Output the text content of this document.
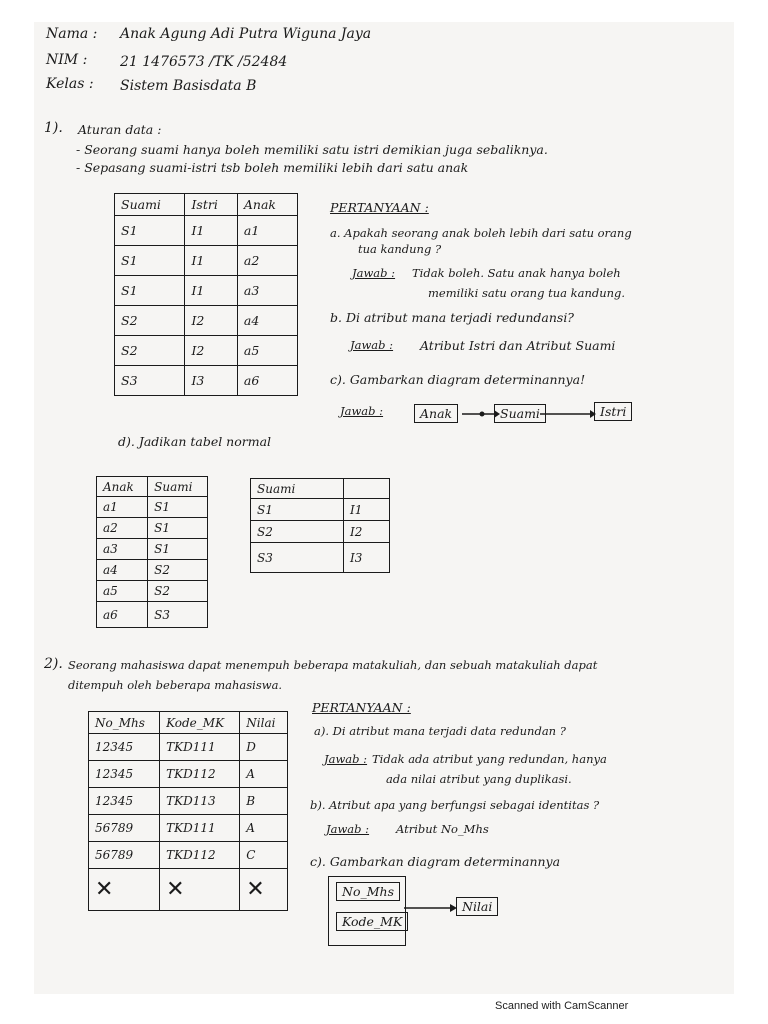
Nama : Anak Agung Adi Putra Wiguna Jaya
NIM : 21 1476573 /TK /52484
Kelas : Sistem Basisdata B
1). Aturan data :
- Seorang suami hanya boleh memiliki satu istri demikian juga sebaliknya.
- Sepasang suami-istri tsb boleh memiliki lebih dari satu anak
Suami	Istri	Anak
S1	I1	a1
S1	I1	a2
S1	I1	a3
S2	I2	a4
S2	I2	a5
S3	I3	a6
PERTANYAAN :
a. Apakah seorang anak boleh lebih dari satu orang
tua kandung ?
Jawab : Tidak boleh. Satu anak hanya boleh
memiliki satu orang tua kandung.
b. Di atribut mana terjadi redundansi?
Jawab : Atribut Istri dan Atribut Suami
c). Gambarkan diagram determinannya!
Jawab :	Anak	Suami	Istri
d). Jadikan tabel normal
Anak	Suami
a1	S1
a2	S1
a3	S1
a4	S2
a5	S2
a6	S3
Suami	
S1	I1
S2	I2
S3	I3
2). Seorang mahasiswa dapat menempuh beberapa matakuliah, dan sebuah matakuliah dapat
ditempuh oleh beberapa mahasiswa.
No_Mhs	Kode_MK	Nilai
12345	TKD111	D
12345	TKD112	A
12345	TKD113	B
56789	TKD111	A
56789	TKD112	C
✕	✕	✕
PERTANYAAN :
a). Di atribut mana terjadi data redundan ?
Jawab : Tidak ada atribut yang redundan, hanya
ada nilai atribut yang duplikasi.
b). Atribut apa yang berfungsi sebagai identitas ?
Jawab : Atribut No_Mhs
c). Gambarkan diagram determinannya
No_Mhs
Kode_MK
Nilai
Scanned with CamScanner
